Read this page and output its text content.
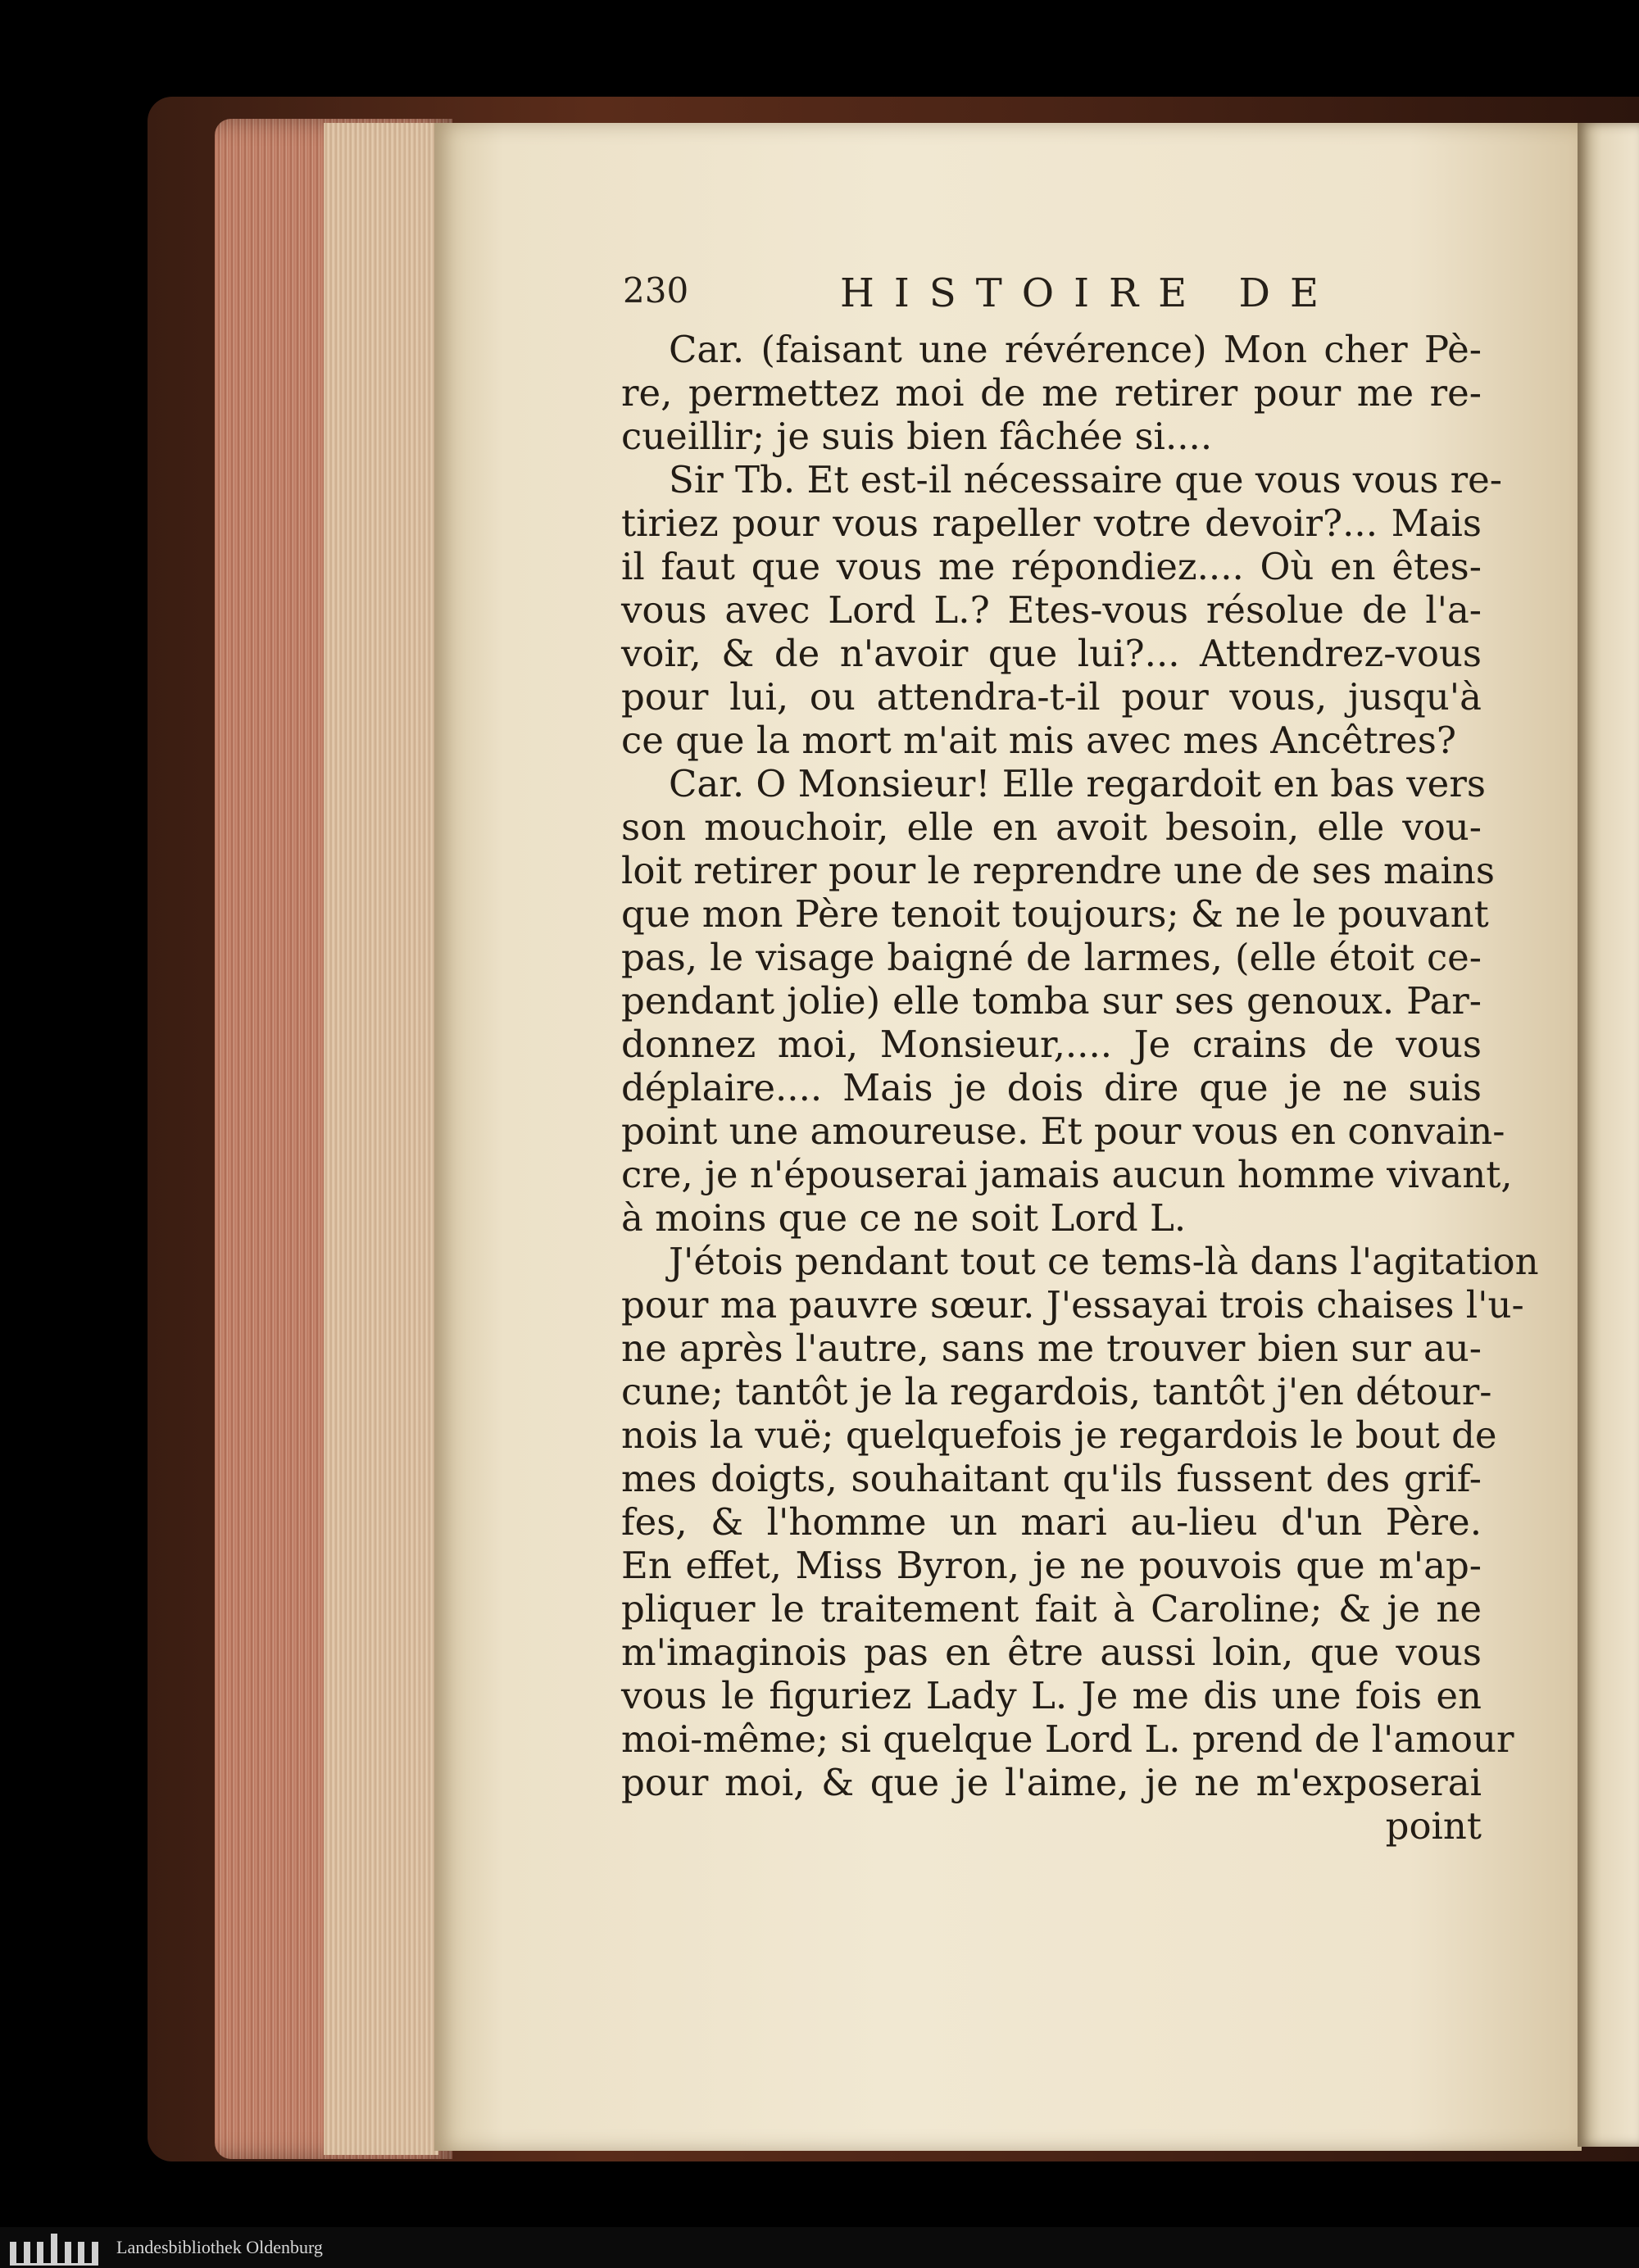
230	HISTOIRE DE
Car. (faisant une révérence) Mon cher Pè-
re, permettez moi de me retirer pour me re-
cueillir; je suis bien fâchée si....
Sir Tb. Et est-il nécessaire que vous vous re-
tiriez pour vous rapeller votre devoir?... Mais
il faut que vous me répondiez.... Où en êtes-
vous avec Lord L.? Etes-vous résolue de l'a-
voir, & de n'avoir que lui?... Attendrez-vous
pour lui, ou attendra-t-il pour vous, jusqu'à
ce que la mort m'ait mis avec mes Ancêtres?
Car. O Monsieur! Elle regardoit en bas vers
son mouchoir, elle en avoit besoin, elle vou-
loit retirer pour le reprendre une de ses mains
que mon Père tenoit toujours; & ne le pouvant
pas, le visage baigné de larmes, (elle étoit ce-
pendant jolie) elle tomba sur ses genoux. Par-
donnez moi, Monsieur,.... Je crains de vous
déplaire.... Mais je dois dire que je ne suis
point une amoureuse. Et pour vous en convain-
cre, je n'épouserai jamais aucun homme vivant,
à moins que ce ne soit Lord L.
J'étois pendant tout ce tems-là dans l'agitation
pour ma pauvre sœur. J'essayai trois chaises l'u-
ne après l'autre, sans me trouver bien sur au-
cune; tantôt je la regardois, tantôt j'en détour-
nois la vuë; quelquefois je regardois le bout de
mes doigts, souhaitant qu'ils fussent des grif-
fes, & l'homme un mari au-lieu d'un Père.
En effet, Miss Byron, je ne pouvois que m'ap-
pliquer le traitement fait à Caroline; & je ne
m'imaginois pas en être aussi loin, que vous
vous le figuriez Lady L. Je me dis une fois en
moi-même; si quelque Lord L. prend de l'amour
pour moi, & que je l'aime, je ne m'exposerai
point
Landesbibliothek Oldenburg
